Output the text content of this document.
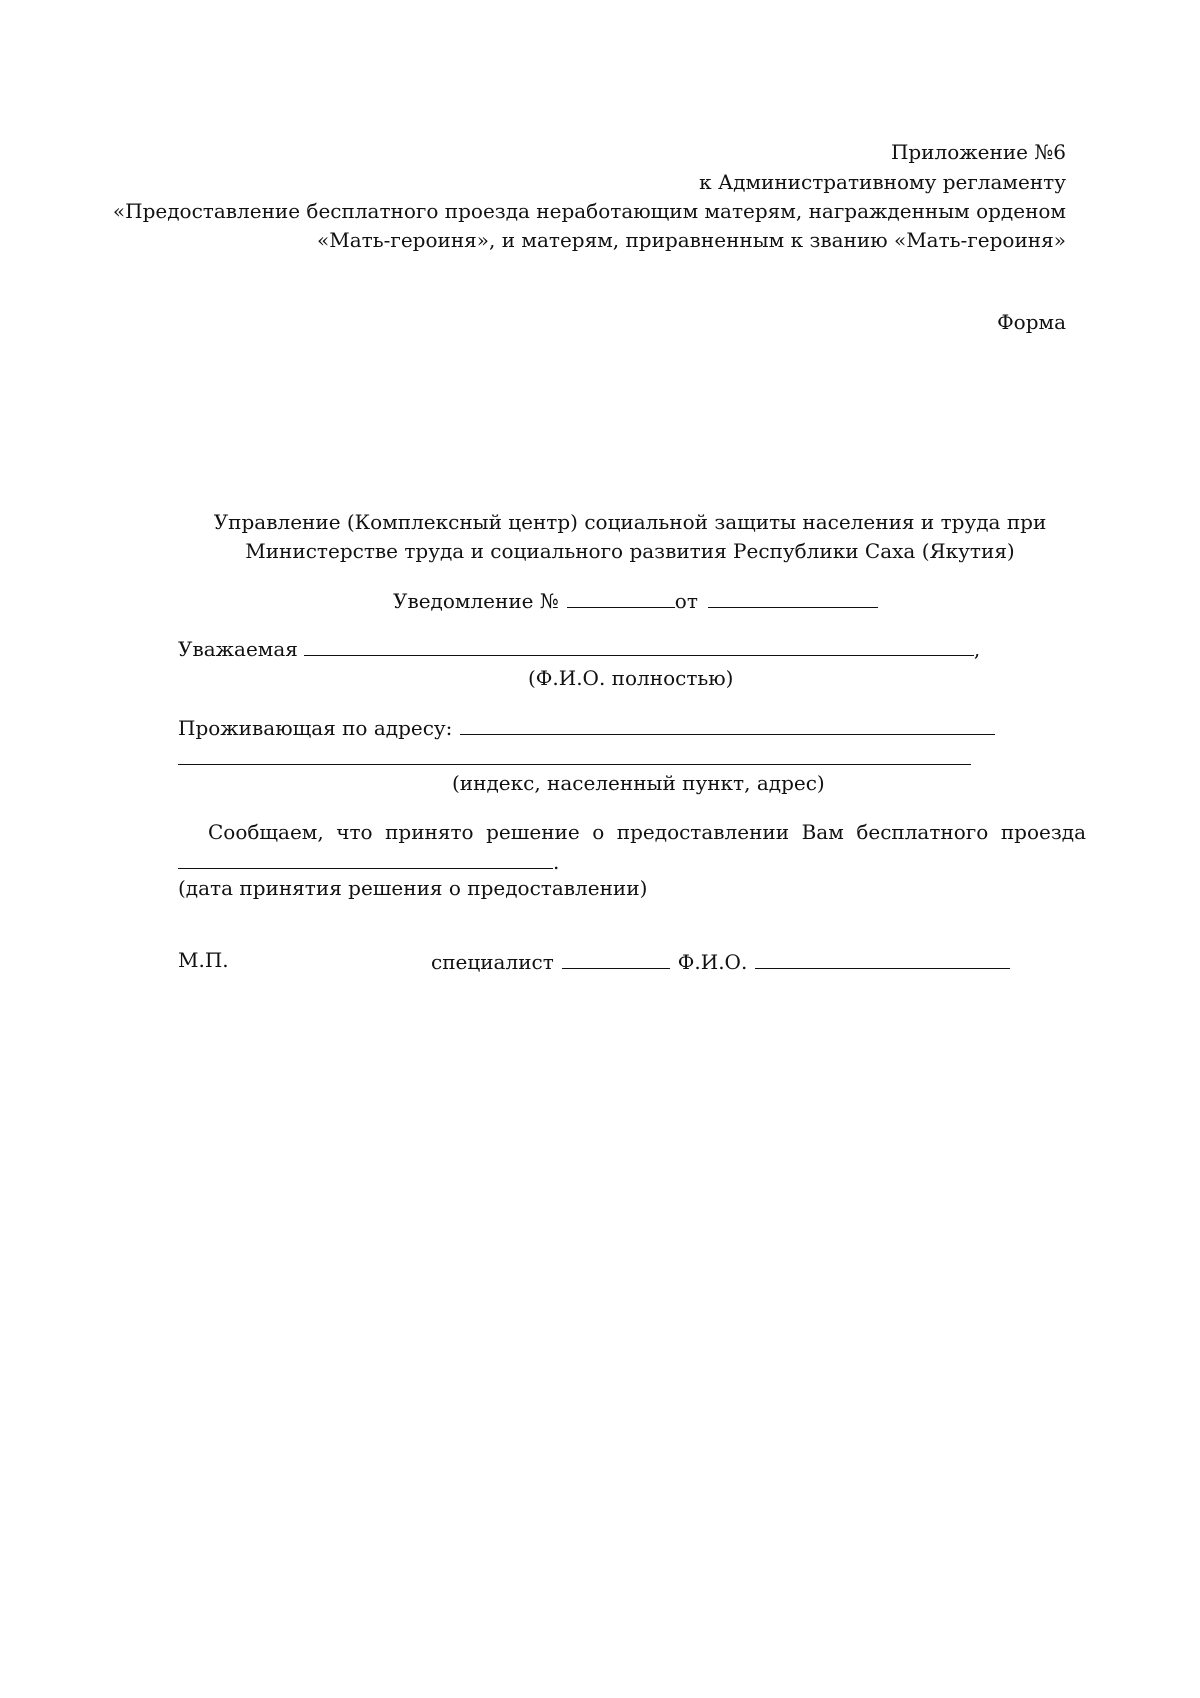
Приложение №6
к Административному регламенту
«Предоставление бесплатного проезда неработающим матерям, награжденным орденом
«Мать-героиня», и матерям, приравненным к званию «Мать-героиня»
Форма
Управление (Комплексный центр) социальной защиты населения и труда при
Министерстве труда и социального развития Республики Саха (Якутия)
Уведомление №	от
Уважаемая	,
(Ф.И.О. полностью)
Проживающая по адресу:
(индекс, населенный пункт, адрес)
Сообщаем, что принято решение о предоставлении Вам бесплатного проезда
.
(дата принятия решения о предоставлении)
М.П.	специалист	Ф.И.О.
